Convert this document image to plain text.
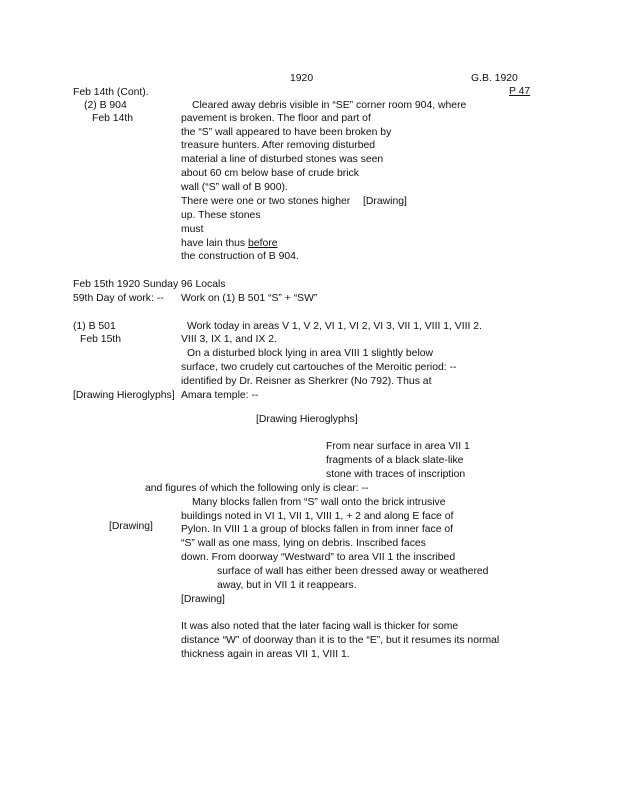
1920	G.B. 1920
P 47
Feb 14th (Cont).
(2) B 904
Feb 14th
Cleared away debris visible in “SE” corner room 904, where
pavement is broken. The floor and part of
the “S” wall appeared to have been broken by
treasure hunters. After removing disturbed
material a line of disturbed stones was seen
about 60 cm below base of crude brick
wall (“S” wall of B 900).
There were one or two stones higher [Drawing]
up. These stones
must
have lain thus before
the construction of B 904.
Feb 15th 1920 Sunday
59th Day of work: --
96 Locals
Work on (1) B 501 “S” + “SW”
(1) B 501
Feb 15th
Work today in areas V 1, V 2, VI 1, VI 2, VI 3, VII 1, VIII 1, VIII 2.
VIII 3, IX 1, and IX 2.
On a disturbed block lying in area VIII 1 slightly below
surface, two crudely cut cartouches of the Meroitic period: --
identified by Dr. Reisner as Sherkrer (No 792). Thus at
[Drawing Hieroglyphs] Amara temple: --
[Drawing Hieroglyphs]
From near surface in area VII 1
fragments of a black slate-like
stone with traces of inscription
and figures of which the following only is clear: --
Many blocks fallen from “S” wall onto the brick intrusive
buildings noted in VI 1, VII 1, VIII 1, + 2 and along E face of
[Drawing]	Pylon. In VIII 1 a group of blocks fallen in from inner face of
“S” wall as one mass, lying on debris. Inscribed faces
down. From doorway “Westward” to area VII 1 the inscribed
surface of wall has either been dressed away or weathered
away, but in VII 1 it reappears.
[Drawing]
It was also noted that the later facing wall is thicker for some
distance “W” of doorway than it is to the “E”, but it resumes its normal
thickness again in areas VII 1, VIII 1.
